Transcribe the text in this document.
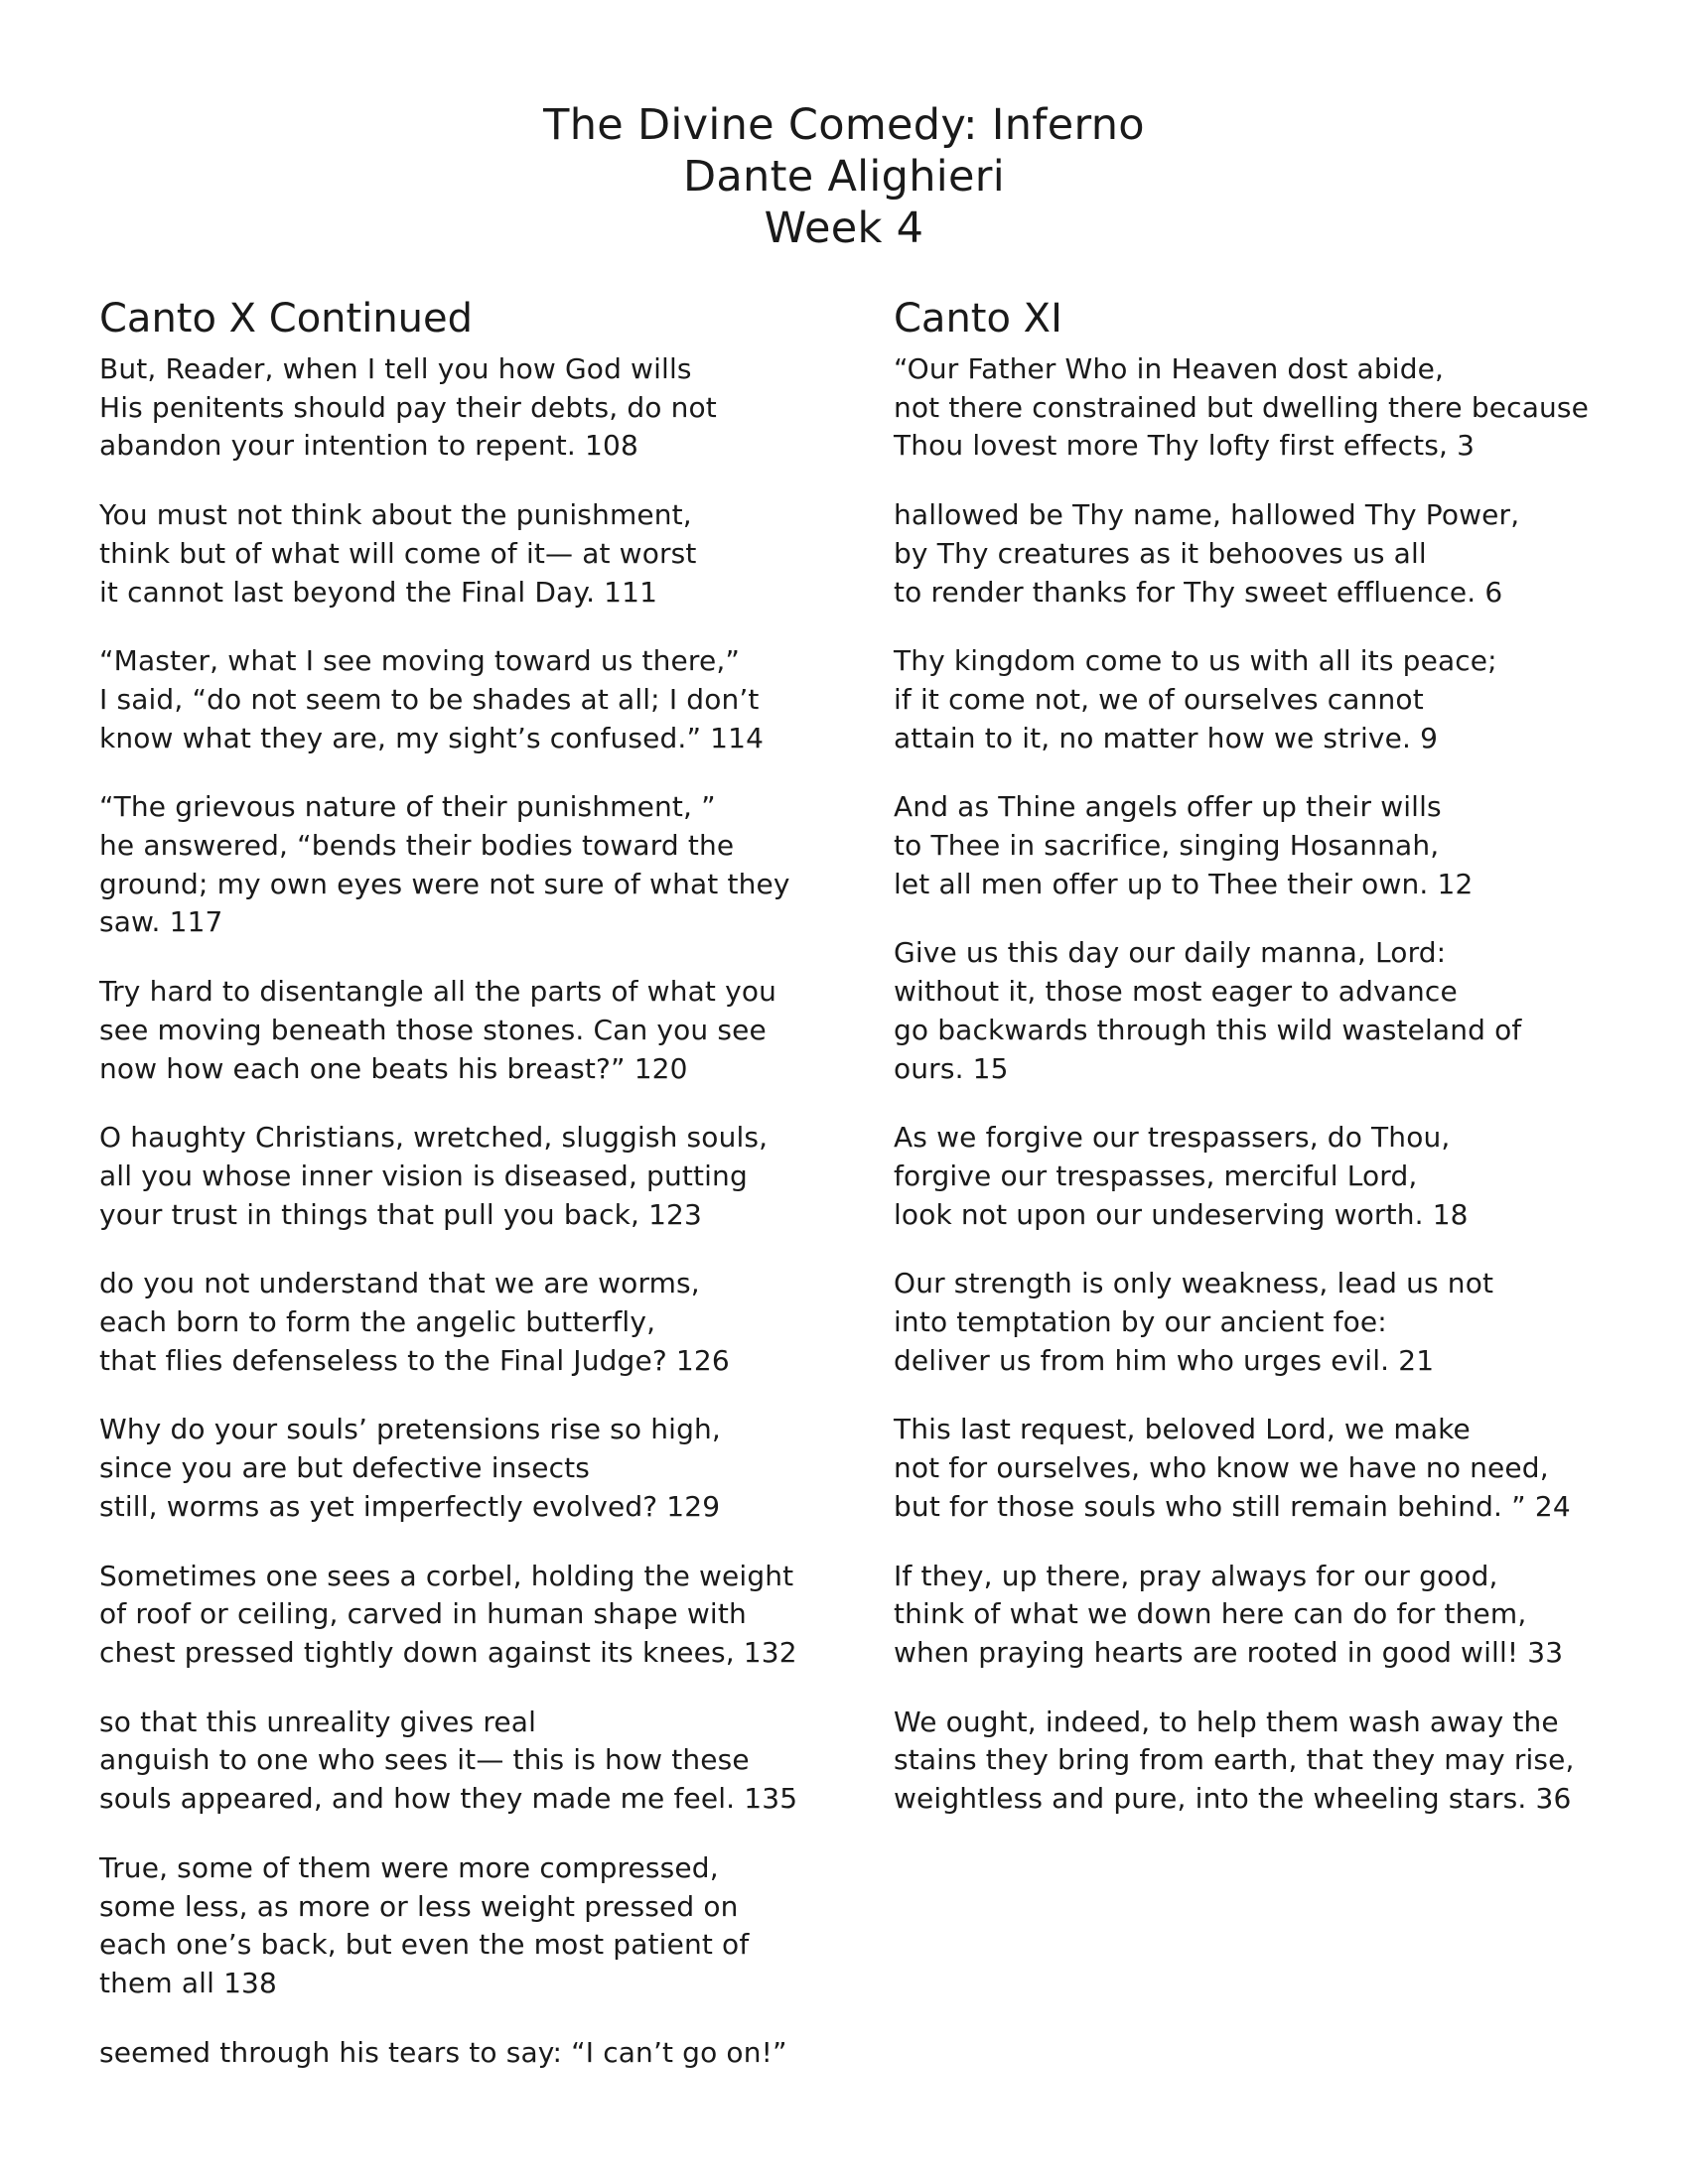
The Divine Comedy: Inferno
Dante Alighieri
Week 4
Canto X Continued
But, Reader, when I tell you how God wills
His penitents should pay their debts, do not
abandon your intention to repent. 108
You must not think about the punishment,
think but of what will come of it— at worst
it cannot last beyond the Final Day. 111
“Master, what I see moving toward us there,”
I said, “do not seem to be shades at all; I don’t
know what they are, my sight’s confused.” 114
“The grievous nature of their punishment, ”
he answered, “bends their bodies toward the
ground; my own eyes were not sure of what they
saw. 117
Try hard to disentangle all the parts of what you
see moving beneath those stones. Can you see
now how each one beats his breast?” 120
O haughty Christians, wretched, sluggish souls,
all you whose inner vision is diseased, putting
your trust in things that pull you back, 123
do you not understand that we are worms,
each born to form the angelic butterfly,
that flies defenseless to the Final Judge? 126
Why do your souls’ pretensions rise so high,
since you are but defective insects
still, worms as yet imperfectly evolved? 129
Sometimes one sees a corbel, holding the weight
of roof or ceiling, carved in human shape with
chest pressed tightly down against its knees, 132
so that this unreality gives real
anguish to one who sees it— this is how these
souls appeared, and how they made me feel. 135
True, some of them were more compressed,
some less, as more or less weight pressed on
each one’s back, but even the most patient of
them all 138
seemed through his tears to say: “I can’t go on!”
Canto XI
“Our Father Who in Heaven dost abide,
not there constrained but dwelling there because
Thou lovest more Thy lofty first effects, 3
hallowed be Thy name, hallowed Thy Power,
by Thy creatures as it behooves us all
to render thanks for Thy sweet effluence. 6
Thy kingdom come to us with all its peace;
if it come not, we of ourselves cannot
attain to it, no matter how we strive. 9
And as Thine angels offer up their wills
to Thee in sacrifice, singing Hosannah,
let all men offer up to Thee their own. 12
Give us this day our daily manna, Lord:
without it, those most eager to advance
go backwards through this wild wasteland of
ours. 15
As we forgive our trespassers, do Thou,
forgive our trespasses, merciful Lord,
look not upon our undeserving worth. 18
Our strength is only weakness, lead us not
into temptation by our ancient foe:
deliver us from him who urges evil. 21
This last request, beloved Lord, we make
not for ourselves, who know we have no need,
but for those souls who still remain behind. ” 24
If they, up there, pray always for our good,
think of what we down here can do for them,
when praying hearts are rooted in good will! 33
We ought, indeed, to help them wash away the
stains they bring from earth, that they may rise,
weightless and pure, into the wheeling stars. 36
